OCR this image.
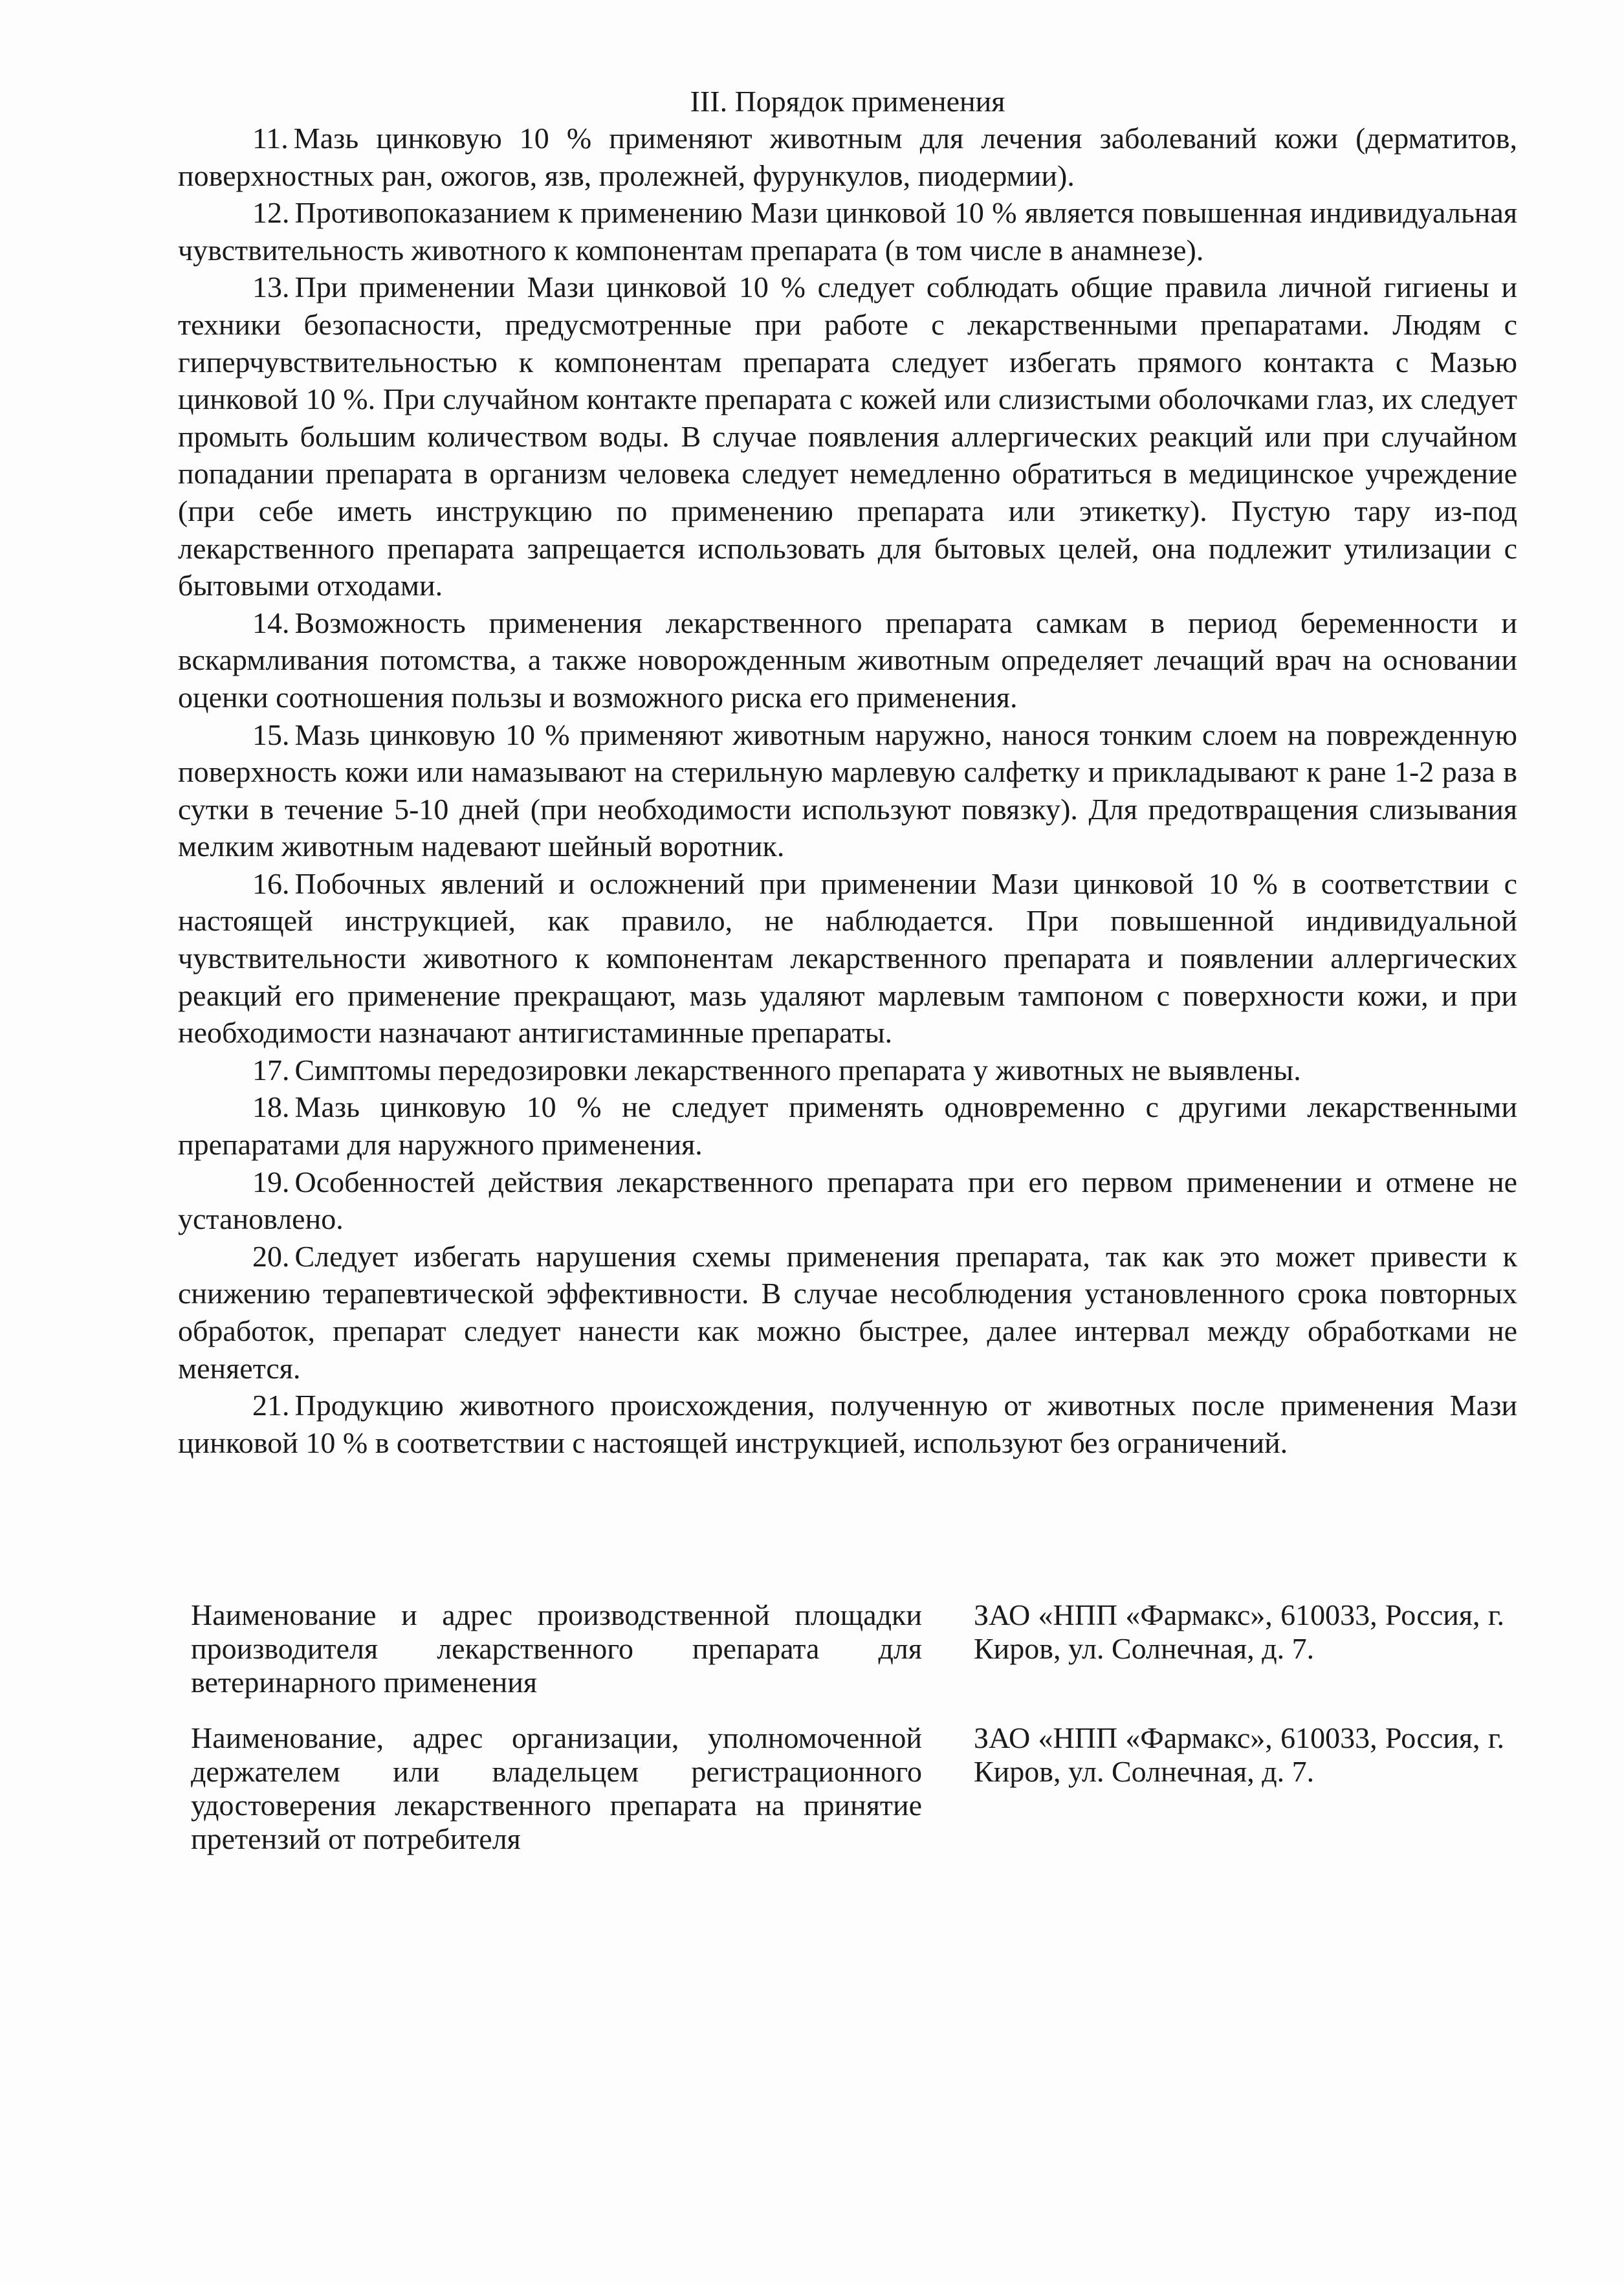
III. Порядок применения

11. Мазь цинковую 10 % применяют животным для лечения заболеваний кожи (дерматитов, поверхностных ран, ожогов, язв, пролежней, фурункулов, пиодермии).

12. Противопоказанием к применению Мази цинковой 10 % является повышенная индивидуальная чувствительность животного к компонентам препарата (в том числе в анамнезе).

13. При применении Мази цинковой 10 % следует соблюдать общие правила личной гигиены и техники безопасности, предусмотренные при работе с лекарственными препаратами. Людям с гиперчувствительностью к компонентам препарата следует избегать прямого контакта с Мазью цинковой 10 %. При случайном контакте препарата с кожей или слизистыми оболочками глаз, их следует промыть большим количеством воды. В случае появления аллергических реакций или при случайном попадании препарата в организм человека следует немедленно обратиться в медицинское учреждение (при себе иметь инструкцию по применению препарата или этикетку). Пустую тару из-под лекарственного препарата запрещается использовать для бытовых целей, она подлежит утилизации с бытовыми отходами.

14. Возможность применения лекарственного препарата самкам в период беременности и вскармливания потомства, а также новорожденным животным определяет лечащий врач на основании оценки соотношения пользы и возможного риска его применения.

15. Мазь цинковую 10 % применяют животным наружно, нанося тонким слоем на поврежденную поверхность кожи или намазывают на стерильную марлевую салфетку и прикладывают к ране 1-2 раза в сутки в течение 5-10 дней (при необходимости используют повязку). Для предотвращения слизывания мелким животным надевают шейный воротник.

16. Побочных явлений и осложнений при применении Мази цинковой 10 % в соответствии с настоящей инструкцией, как правило, не наблюдается. При повышенной индивидуальной чувствительности животного к компонентам лекарственного препарата и появлении аллергических реакций его применение прекращают, мазь удаляют марлевым тампоном с поверхности кожи, и при необходимости назначают антигистаминные препараты.

17. Симптомы передозировки лекарственного препарата у животных не выявлены.

18. Мазь цинковую 10 % не следует применять одновременно с другими лекарственными препаратами для наружного применения.

19. Особенностей действия лекарственного препарата при его первом применении и отмене не установлено.

20. Следует избегать нарушения схемы применения препарата, так как это может привести к снижению терапевтической эффективности. В случае несоблюдения установленного срока повторных обработок, препарат следует нанести как можно быстрее, далее интервал между обработками не меняется.

21. Продукцию животного происхождения, полученную от животных после применения Мази цинковой 10 % в соответствии с настоящей инструкцией, используют без ограничений.

Наименование и адрес производственной площадки производителя лекарственного препарата для ветеринарного применения
ЗАО «НПП «Фармакс», 610033, Россия, г. Киров, ул. Солнечная, д. 7.
Наименование, адрес организации, уполномоченной держателем или владельцем регистрационного удостоверения лекарственного препарата на принятие претензий от потребителя
ЗАО «НПП «Фармакс», 610033, Россия, г. Киров, ул. Солнечная, д. 7.
